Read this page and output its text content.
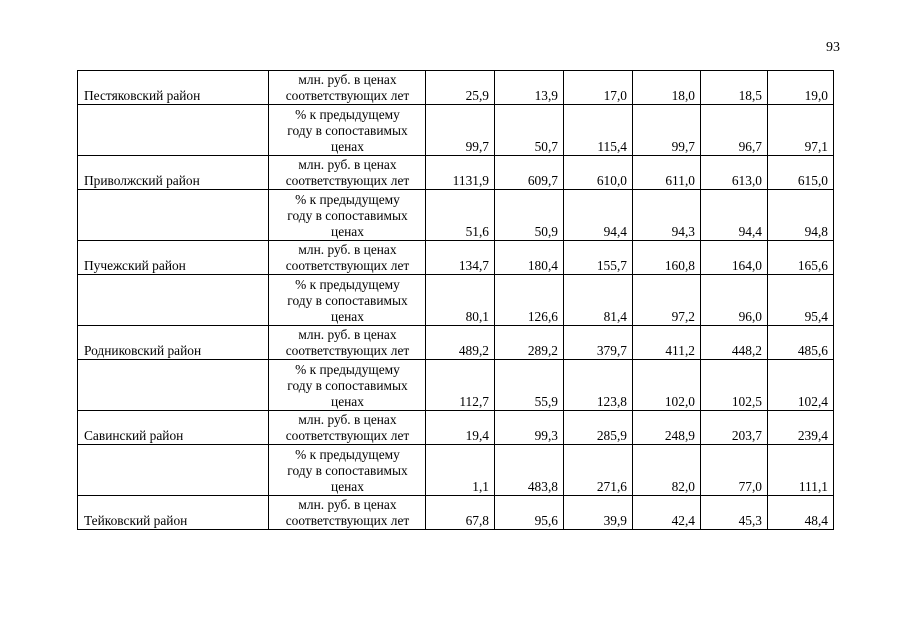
93
Пестяковский район	млн. руб. в ценах
соответствующих лет	25,9	13,9	17,0	18,0	18,5	19,0

	% к предыдущему
году в сопоставимых
ценах	99,7	50,7	115,4	99,7	96,7	97,1
Приволжский район	млн. руб. в ценах
соответствующих лет	1131,9	609,7	610,0	611,0	613,0	615,0

	% к предыдущему
году в сопоставимых
ценах	51,6	50,9	94,4	94,3	94,4	94,8
Пучежский район	млн. руб. в ценах
соответствующих лет	134,7	180,4	155,7	160,8	164,0	165,6

	% к предыдущему
году в сопоставимых
ценах	80,1	126,6	81,4	97,2	96,0	95,4
Родниковский район	млн. руб. в ценах
соответствующих лет	489,2	289,2	379,7	411,2	448,2	485,6

	% к предыдущему
году в сопоставимых
ценах	112,7	55,9	123,8	102,0	102,5	102,4
Савинский район	млн. руб. в ценах
соответствующих лет	19,4	99,3	285,9	248,9	203,7	239,4

	% к предыдущему
году в сопоставимых
ценах	1,1	483,8	271,6	82,0	77,0	111,1
Тейковский район	млн. руб. в ценах
соответствующих лет	67,8	95,6	39,9	42,4	45,3	48,4
